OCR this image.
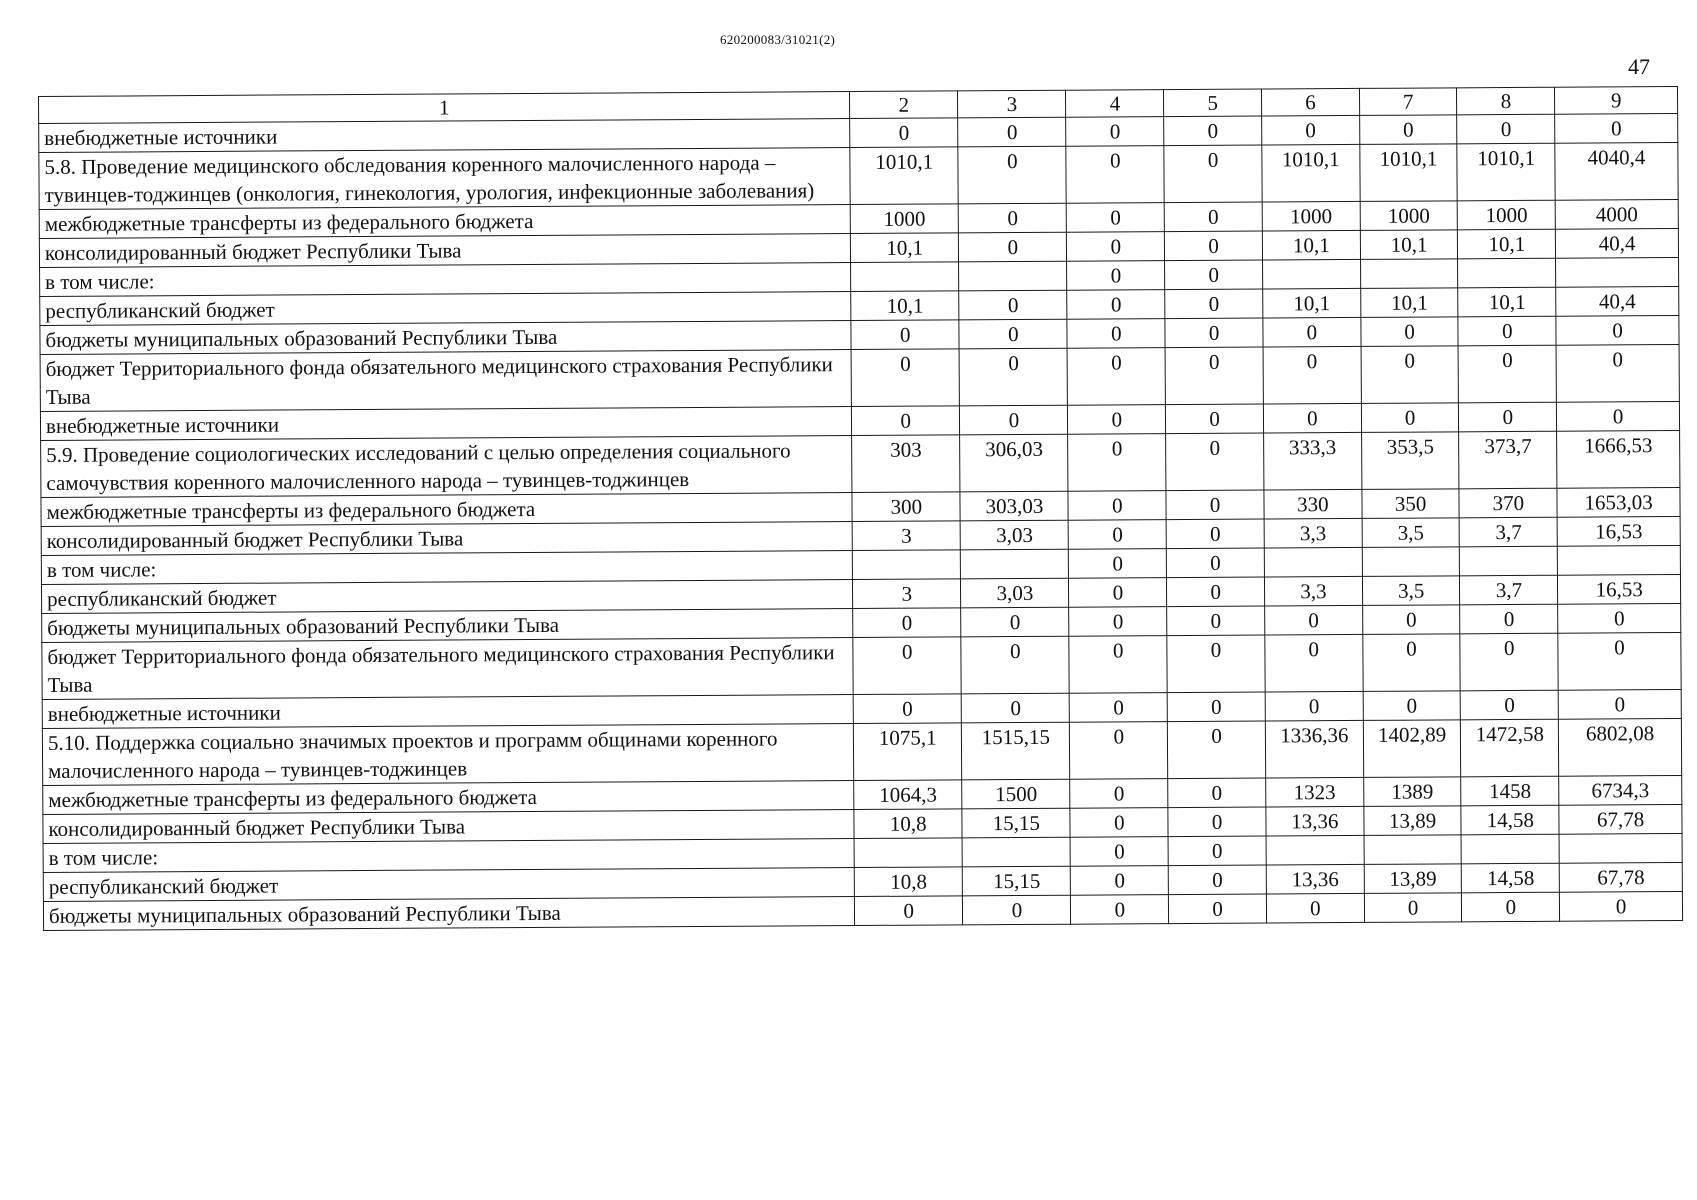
620200083/31021(2)
47
1	2	3	4	5	6	7	8	9
внебюджетные источники	0	0	0	0	0	0	0	0
5.8. Проведение медицинского обследования коренного малочисленного народа – тувинцев-тоджинцев (онкология, гинекология, урология, инфекционные заболевания)	1010,1	0	0	0	1010,1	1010,1	1010,1	4040,4
межбюджетные трансферты из федерального бюджета	1000	0	0	0	1000	1000	1000	4000
консолидированный бюджет Республики Тыва	10,1	0	0	0	10,1	10,1	10,1	40,4
в том числе:			0	0				
республиканский бюджет	10,1	0	0	0	10,1	10,1	10,1	40,4
бюджеты муниципальных образований Республики Тыва	0	0	0	0	0	0	0	0
бюджет Территориального фонда обязательного медицинского страхования Республики Тыва	0	0	0	0	0	0	0	0
внебюджетные источники	0	0	0	0	0	0	0	0
5.9. Проведение социологических исследований с целью определения социального самочувствия коренного малочисленного народа – тувинцев-тоджинцев	303	306,03	0	0	333,3	353,5	373,7	1666,53
межбюджетные трансферты из федерального бюджета	300	303,03	0	0	330	350	370	1653,03
консолидированный бюджет Республики Тыва	3	3,03	0	0	3,3	3,5	3,7	16,53
в том числе:			0	0				
республиканский бюджет	3	3,03	0	0	3,3	3,5	3,7	16,53
бюджеты муниципальных образований Республики Тыва	0	0	0	0	0	0	0	0
бюджет Территориального фонда обязательного медицинского страхования Республики Тыва	0	0	0	0	0	0	0	0
внебюджетные источники	0	0	0	0	0	0	0	0
5.10. Поддержка социально значимых проектов и программ общинами коренного малочисленного народа – тувинцев-тоджинцев	1075,1	1515,15	0	0	1336,36	1402,89	1472,58	6802,08
межбюджетные трансферты из федерального бюджета	1064,3	1500	0	0	1323	1389	1458	6734,3
консолидированный бюджет Республики Тыва	10,8	15,15	0	0	13,36	13,89	14,58	67,78
в том числе:			0	0				
республиканский бюджет	10,8	15,15	0	0	13,36	13,89	14,58	67,78
бюджеты муниципальных образований Республики Тыва	0	0	0	0	0	0	0	0
